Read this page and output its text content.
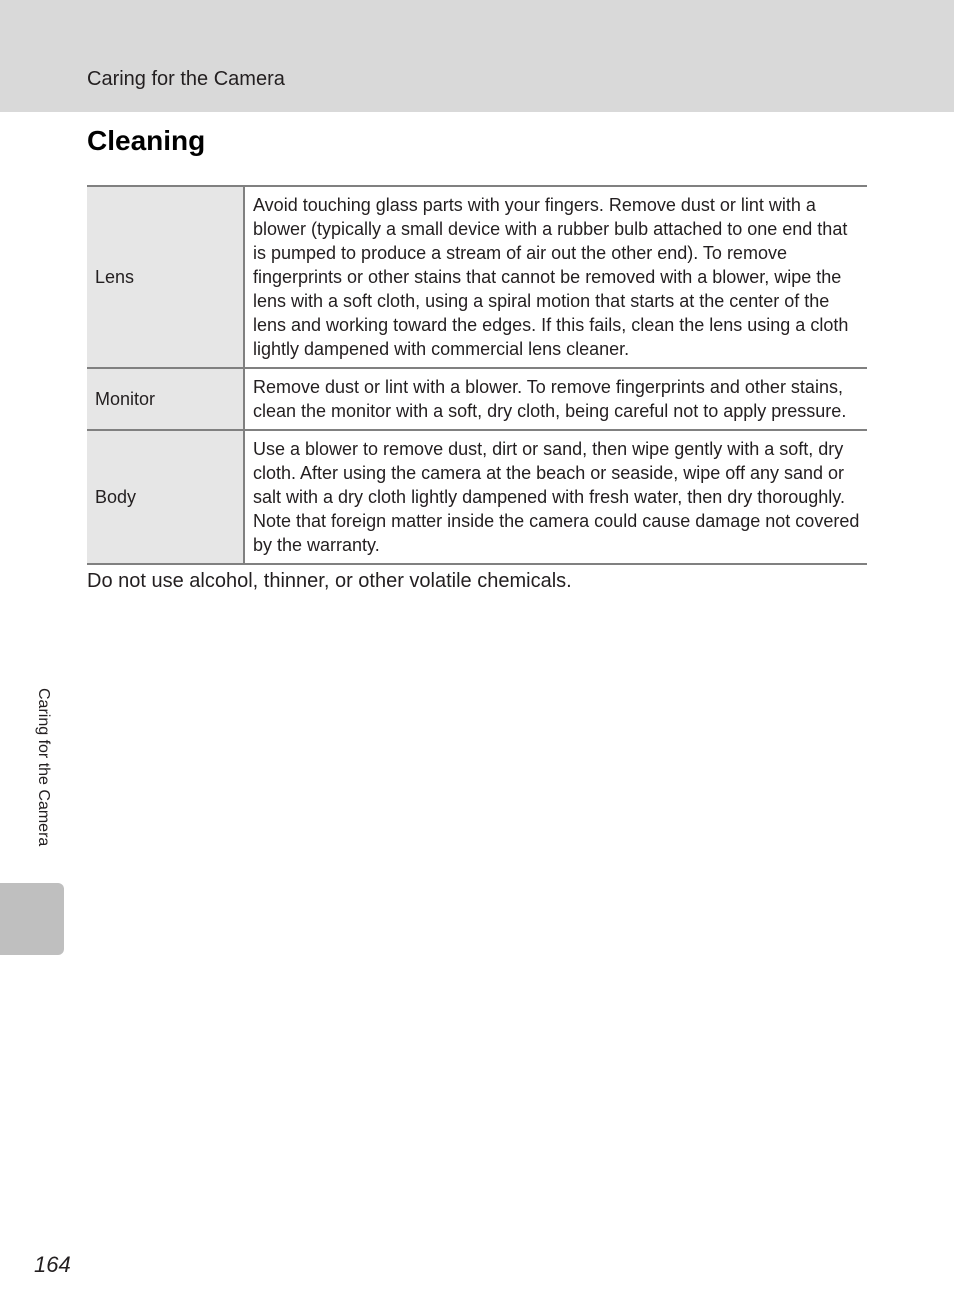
Caring for the Camera
Cleaning
Lens	Avoid touching glass parts with your fingers. Remove dust or lint with a blower (typically a small device with a rubber bulb attached to one end that is pumped to produce a stream of air out the other end). To remove fingerprints or other stains that cannot be removed with a blower, wipe the lens with a soft cloth, using a spiral motion that starts at the center of the lens and working toward the edges. If this fails, clean the lens using a cloth lightly dampened with commercial lens cleaner.
Monitor	Remove dust or lint with a blower. To remove fingerprints and other stains, clean the monitor with a soft, dry cloth, being careful not to apply pressure.
Body	Use a blower to remove dust, dirt or sand, then wipe gently with a soft, dry cloth. After using the camera at the beach or seaside, wipe off any sand or salt with a dry cloth lightly dampened with fresh water, then dry thoroughly. Note that foreign matter inside the camera could cause damage not covered by the warranty.
Do not use alcohol, thinner, or other volatile chemicals.
Caring for the Camera
164
